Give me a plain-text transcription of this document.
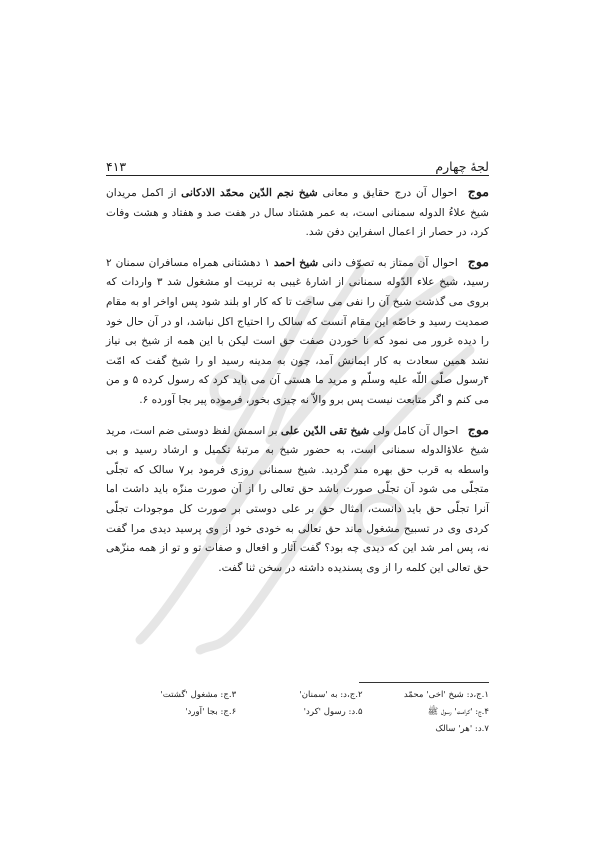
لجهٔ چهارم
۴۱۳

موج احوال آن درج حقایق و معانی شیخ نجم الدّین محمّد الادکانی از اکمل مریدان شیخ علاءُ الدوله سمنانی است، به عمر هشتاد سال در هفت صد و هفتاد و هشت وفات کرد، در حصار از اعمال اسفراین دفن شد.

موج احوال آن ممتاز به تصوّف دانی شیخ احمد ۱ دهشتانی همراه مسافران سمنان ۲ رسید، شیخ علاء الدّوله سمنانی از اشارهٔ غیبی به تربیت او مشغول شد ۳ واردات که بروی می گذشت شیخ آن را نفی می ساخت تا که کار او بلند شود پس اواخر او به مقام صمدیت رسید و خاصّه این مقام آنست که سالک را احتیاج اکل نباشد، او در آن حال خود را دیده غرور می نمود که نا خوردن صفت حق است لیکن با این همه از شیخ بی نیاز نشد همین سعادت به کار ایمانش آمد، چون به مدینه رسید او را شیخ گفت که امّت ۴رسول صلّی اللّه علیه وسلّم و مرید ما هستی آن می باید کرد که رسول کرده ۵ و من می کنم و اگر متابعت نیست پس برو والاّ نه چیزی بخور، فرموده پیر بجا آورده ۶.

موج احوال آن کامل ولی شیخ تقی الدّین علی بر اسمش لفظ دوستی ضم است، مرید شیخ علاؤالدوله سمنانی است، به حضور شیخ به مرتبهٔ تکمیل و ارشاد رسید و بی واسطه به قرب حق بهره مند گردید. شیخ سمنانی روزی فرمود بر۷ سالک که تجلّی متجلّی می شود آن تجلّی صورت باشد حق تعالی را از آن صورت منزّه باید داشت اما آنرا تجلّی حق باید دانست، امثال حق بر علی دوستی بر صورت کل موجودات تجلّی کردی وی در تسبیح مشغول ماند حق تعالی به خودی خود از وی پرسید دیدی مرا گفت نه، پس امر شد این که دیدی چه بود؟ گفت آثار و افعال و صفات تو و تو از همه منزّهی حق تعالی این کلمه را از وی پسندیده داشته در سخن ثنا گفت.

۱.ج،د: شیخ 'اخی' محمّد
۲.ج،د: به 'سمنان'
۳.ج: مشغول 'گشتت'
۴.ج: 'کرامت' رسول ﷺ
۵.د: رسول 'کرد'
۶.ج: بجا 'آورد'
۷.د: 'هر' سالک
